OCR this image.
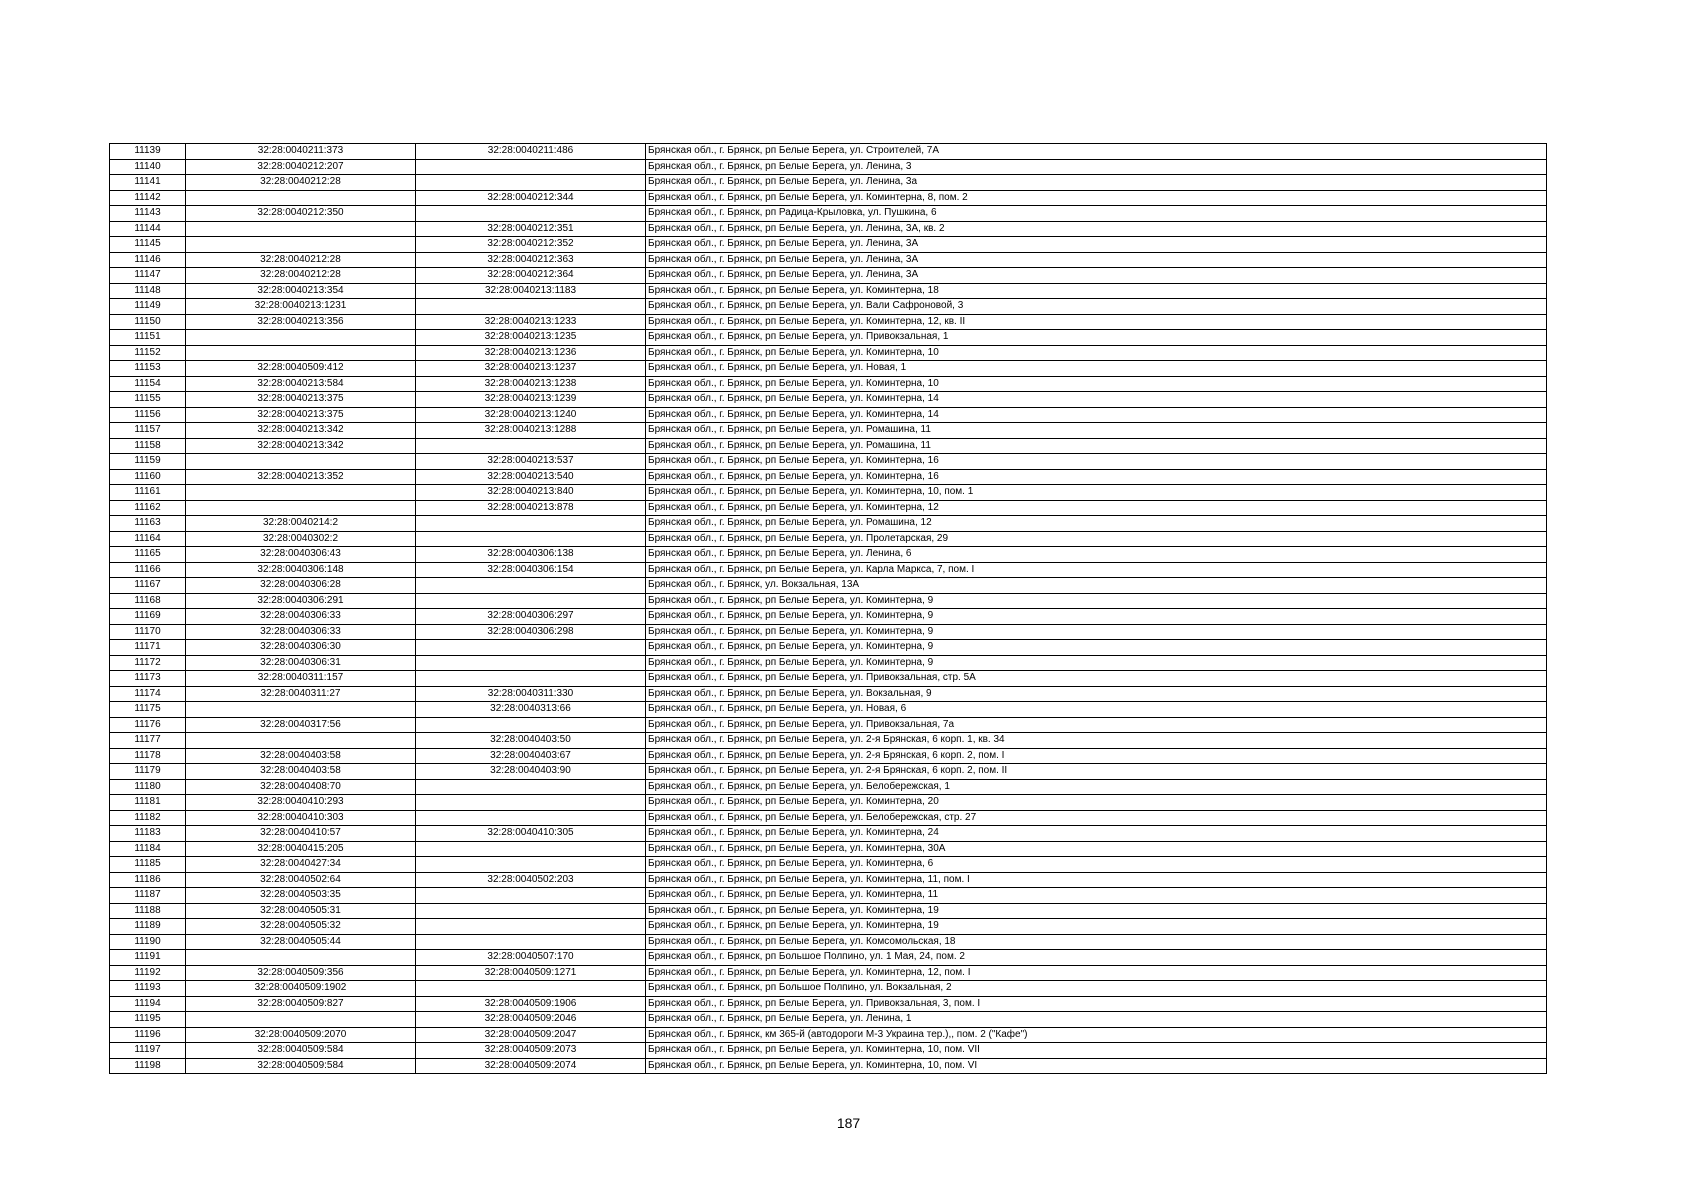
11139	32:28:0040211:373	32:28:0040211:486	Брянская обл., г. Брянск, рп Белые Берега, ул. Строителей, 7А
11140	32:28:0040212:207		Брянская обл., г. Брянск, рп Белые Берега, ул. Ленина, 3
11141	32:28:0040212:28		Брянская обл., г. Брянск, рп Белые Берега, ул. Ленина, 3а
11142		32:28:0040212:344	Брянская обл., г. Брянск, рп Белые Берега, ул. Коминтерна, 8, пом. 2
11143	32:28:0040212:350		Брянская обл., г. Брянск, рп Радица-Крыловка, ул. Пушкина, 6
11144		32:28:0040212:351	Брянская обл., г. Брянск, рп Белые Берега, ул. Ленина, 3А, кв. 2
11145		32:28:0040212:352	Брянская обл., г. Брянск, рп Белые Берега, ул. Ленина, 3А
11146	32:28:0040212:28	32:28:0040212:363	Брянская обл., г. Брянск, рп Белые Берега, ул. Ленина, 3А
11147	32:28:0040212:28	32:28:0040212:364	Брянская обл., г. Брянск, рп Белые Берега, ул. Ленина, 3А
11148	32:28:0040213:354	32:28:0040213:1183	Брянская обл., г. Брянск, рп Белые Берега, ул. Коминтерна, 18
11149	32:28:0040213:1231		Брянская обл., г. Брянск, рп Белые Берега, ул. Вали Сафроновой, 3
11150	32:28:0040213:356	32:28:0040213:1233	Брянская обл., г. Брянск, рп Белые Берега, ул. Коминтерна, 12, кв. II
11151		32:28:0040213:1235	Брянская обл., г. Брянск, рп Белые Берега, ул. Привокзальная, 1
11152		32:28:0040213:1236	Брянская обл., г. Брянск, рп Белые Берега, ул. Коминтерна, 10
11153	32:28:0040509:412	32:28:0040213:1237	Брянская обл., г. Брянск, рп Белые Берега, ул. Новая, 1
11154	32:28:0040213:584	32:28:0040213:1238	Брянская обл., г. Брянск, рп Белые Берега, ул. Коминтерна, 10
11155	32:28:0040213:375	32:28:0040213:1239	Брянская обл., г. Брянск, рп Белые Берега, ул. Коминтерна, 14
11156	32:28:0040213:375	32:28:0040213:1240	Брянская обл., г. Брянск, рп Белые Берега, ул. Коминтерна, 14
11157	32:28:0040213:342	32:28:0040213:1288	Брянская обл., г. Брянск, рп Белые Берега, ул. Ромашина, 11
11158	32:28:0040213:342		Брянская обл., г. Брянск, рп Белые Берега, ул. Ромашина, 11
11159		32:28:0040213:537	Брянская обл., г. Брянск, рп Белые Берега, ул. Коминтерна, 16
11160	32:28:0040213:352	32:28:0040213:540	Брянская обл., г. Брянск, рп Белые Берега, ул. Коминтерна, 16
11161		32:28:0040213:840	Брянская обл., г. Брянск, рп Белые Берега, ул. Коминтерна, 10, пом. 1
11162		32:28:0040213:878	Брянская обл., г. Брянск, рп Белые Берега, ул. Коминтерна, 12
11163	32:28:0040214:2		Брянская обл., г. Брянск, рп Белые Берега, ул. Ромашина, 12
11164	32:28:0040302:2		Брянская обл., г. Брянск, рп Белые Берега, ул. Пролетарская, 29
11165	32:28:0040306:43	32:28:0040306:138	Брянская обл., г. Брянск, рп Белые Берега, ул. Ленина, 6
11166	32:28:0040306:148	32:28:0040306:154	Брянская обл., г. Брянск, рп Белые Берега, ул. Карла Маркса, 7, пом. I
11167	32:28:0040306:28		Брянская обл., г. Брянск, ул. Вокзальная, 13А
11168	32:28:0040306:291		Брянская обл., г. Брянск, рп Белые Берега, ул. Коминтерна, 9
11169	32:28:0040306:33	32:28:0040306:297	Брянская обл., г. Брянск, рп Белые Берега, ул. Коминтерна, 9
11170	32:28:0040306:33	32:28:0040306:298	Брянская обл., г. Брянск, рп Белые Берега, ул. Коминтерна, 9
11171	32:28:0040306:30		Брянская обл., г. Брянск, рп Белые Берега, ул. Коминтерна, 9
11172	32:28:0040306:31		Брянская обл., г. Брянск, рп Белые Берега, ул. Коминтерна, 9
11173	32:28:0040311:157		Брянская обл., г. Брянск, рп Белые Берега, ул. Привокзальная, стр. 5А
11174	32:28:0040311:27	32:28:0040311:330	Брянская обл., г. Брянск, рп Белые Берега, ул. Вокзальная, 9
11175		32:28:0040313:66	Брянская обл., г. Брянск, рп Белые Берега, ул. Новая, 6
11176	32:28:0040317:56		Брянская обл., г. Брянск, рп Белые Берега, ул. Привокзальная, 7а
11177		32:28:0040403:50	Брянская обл., г. Брянск, рп Белые Берега, ул. 2-я Брянская, 6 корп. 1, кв. 34
11178	32:28:0040403:58	32:28:0040403:67	Брянская обл., г. Брянск, рп Белые Берега, ул. 2-я Брянская, 6 корп. 2, пом. I
11179	32:28:0040403:58	32:28:0040403:90	Брянская обл., г. Брянск, рп Белые Берега, ул. 2-я Брянская, 6 корп. 2, пом. II
11180	32:28:0040408:70		Брянская обл., г. Брянск, рп Белые Берега, ул. Белобережская, 1
11181	32:28:0040410:293		Брянская обл., г. Брянск, рп Белые Берега, ул. Коминтерна, 20
11182	32:28:0040410:303		Брянская обл., г. Брянск, рп Белые Берега, ул. Белобережская, стр. 27
11183	32:28:0040410:57	32:28:0040410:305	Брянская обл., г. Брянск, рп Белые Берега, ул. Коминтерна, 24
11184	32:28:0040415:205		Брянская обл., г. Брянск, рп Белые Берега, ул. Коминтерна, 30А
11185	32:28:0040427:34		Брянская обл., г. Брянск, рп Белые Берега, ул. Коминтерна, 6
11186	32:28:0040502:64	32:28:0040502:203	Брянская обл., г. Брянск, рп Белые Берега, ул. Коминтерна, 11, пом. I
11187	32:28:0040503:35		Брянская обл., г. Брянск, рп Белые Берега, ул. Коминтерна, 11
11188	32:28:0040505:31		Брянская обл., г. Брянск, рп Белые Берега, ул. Коминтерна, 19
11189	32:28:0040505:32		Брянская обл., г. Брянск, рп Белые Берега, ул. Коминтерна, 19
11190	32:28:0040505:44		Брянская обл., г. Брянск, рп Белые Берега, ул. Комсомольская, 18
11191		32:28:0040507:170	Брянская обл., г. Брянск, рп Большое Полпино, ул. 1 Мая, 24, пом. 2
11192	32:28:0040509:356	32:28:0040509:1271	Брянская обл., г. Брянск, рп Белые Берега, ул. Коминтерна, 12, пом. I
11193	32:28:0040509:1902		Брянская обл., г. Брянск, рп Большое Полпино, ул. Вокзальная, 2
11194	32:28:0040509:827	32:28:0040509:1906	Брянская обл., г. Брянск, рп Белые Берега, ул. Привокзальная, 3, пом. I
11195		32:28:0040509:2046	Брянская обл., г. Брянск, рп Белые Берега, ул. Ленина, 1
11196	32:28:0040509:2070	32:28:0040509:2047	Брянская обл., г. Брянск, км 365-й (автодороги М-3 Украина тер.),, пом. 2 ("Кафе")
11197	32:28:0040509:584	32:28:0040509:2073	Брянская обл., г. Брянск, рп Белые Берега, ул. Коминтерна, 10, пом. VII
11198	32:28:0040509:584	32:28:0040509:2074	Брянская обл., г. Брянск, рп Белые Берега, ул. Коминтерна, 10, пом. VI
187
